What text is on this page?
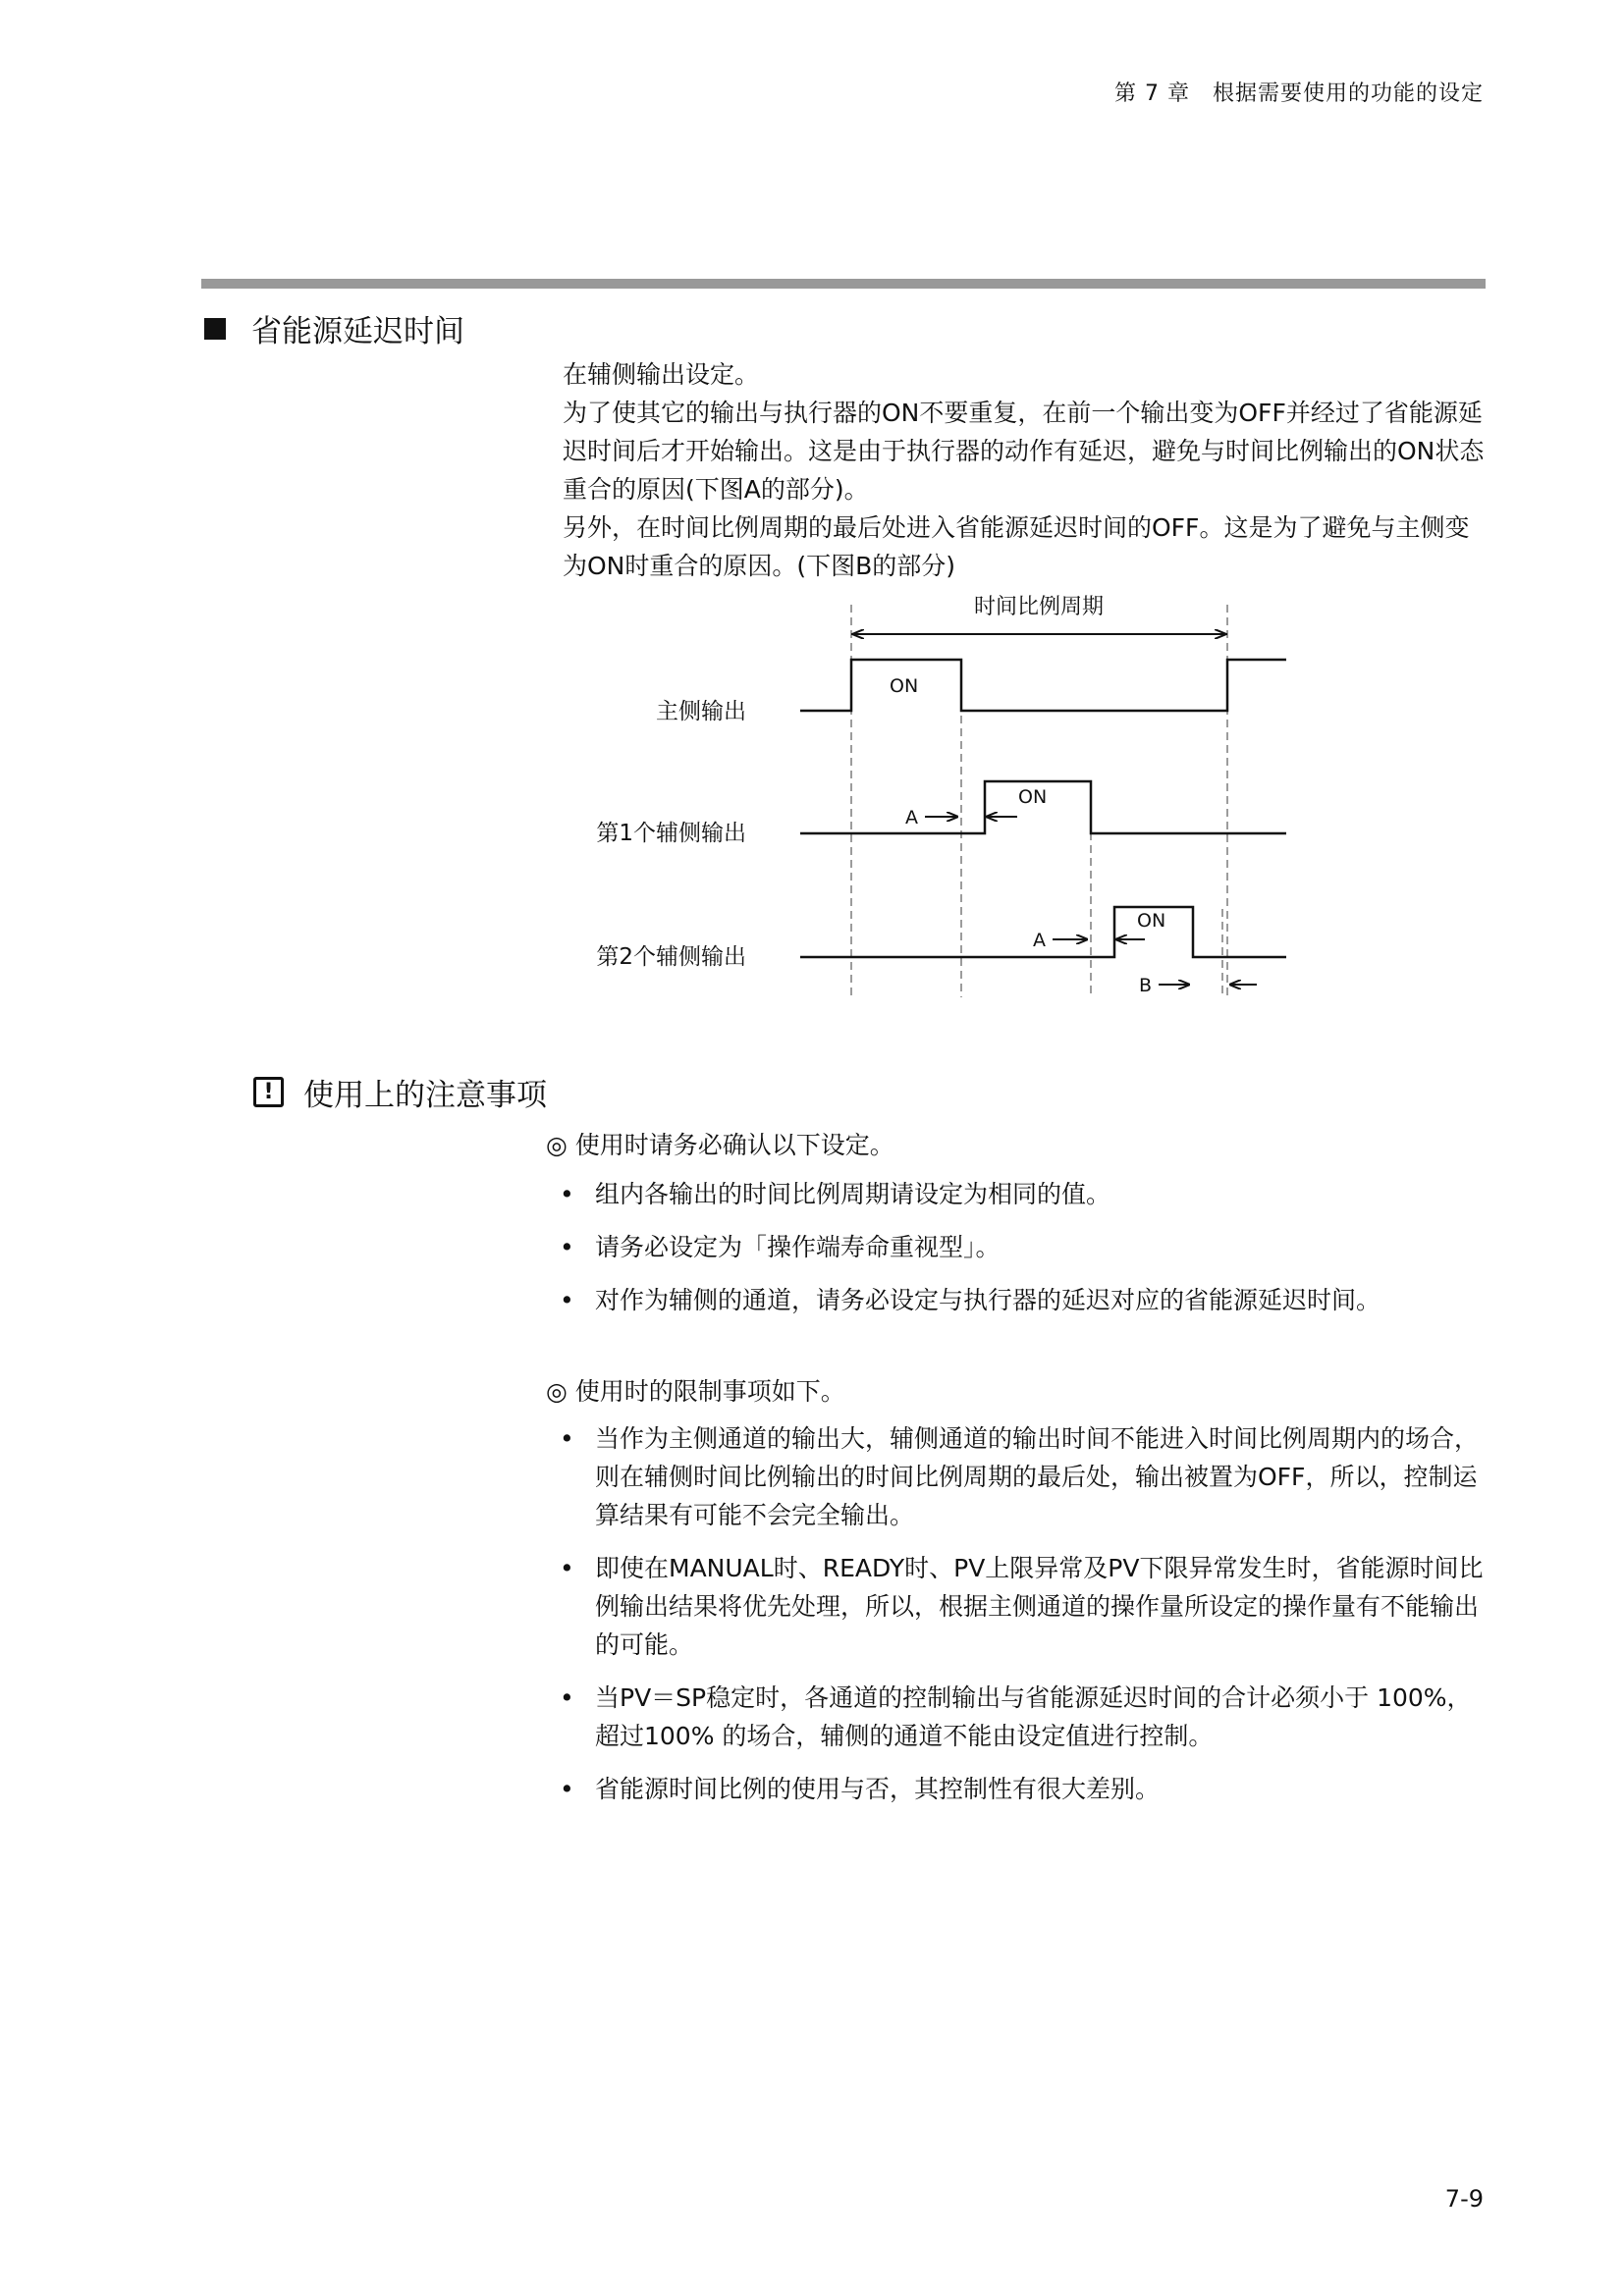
第 7 章　根据需要使用的功能的设定
省能源延迟时间

在辅侧输出设定。

为了使其它的输出与执行器的ON不要重复，在前一个输出变为OFF并经过了省能源延迟时间后才开始输出。这是由于执行器的动作有延迟，避免与时间比例输出的ON状态重合的原因(下图A的部分)。

另外，在时间比例周期的最后处进入省能源延迟时间的OFF。这是为了避免与主侧变为ON时重合的原因。(下图B的部分)

时间比例周期
主侧输出
第1个辅侧输出
第2个辅侧输出
ON
ON
ON
A
A
B
! 使用上的注意事项
◎ 使用时请务必确认以下设定。
• 组内各输出的时间比例周期请设定为相同的值。
• 请务必设定为「操作端寿命重视型」。
• 对作为辅侧的通道，请务必设定与执行器的延迟对应的省能源延迟时间。
◎ 使用时的限制事项如下。
• 当作为主侧通道的输出大，辅侧通道的输出时间不能进入时间比例周期内的场合，则在辅侧时间比例输出的时间比例周期的最后处，输出被置为OFF，所以，控制运算结果有可能不会完全输出。
• 即使在MANUAL时、READY时、PV上限异常及PV下限异常发生时，省能源时间比例输出结果将优先处理，所以，根据主侧通道的操作量所设定的操作量有不能输出的可能。
• 当PV＝SP稳定时，各通道的控制输出与省能源延迟时间的合计必须小于 100%，超过100% 的场合，辅侧的通道不能由设定值进行控制。
• 省能源时间比例的使用与否，其控制性有很大差别。
7-9
